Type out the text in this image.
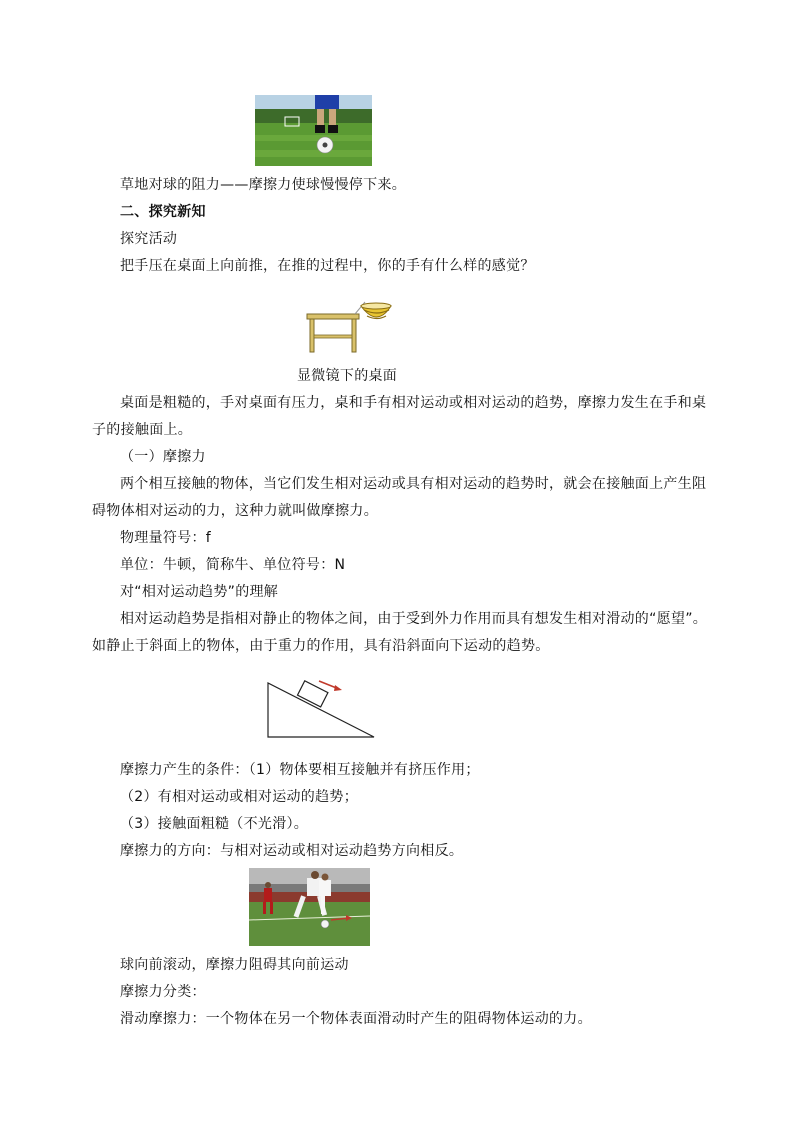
草地对球的阻力——摩擦力使球慢慢停下来。
二、探究新知
探究活动
把手压在桌面上向前推，在推的过程中，你的手有什么样的感觉？
显微镜下的桌面
桌面是粗糙的，手对桌面有压力，桌和手有相对运动或相对运动的趋势，摩擦力发生在手和桌
子的接触面上。
（一）摩擦力
两个相互接触的物体，当它们发生相对运动或具有相对运动的趋势时，就会在接触面上产生阻
碍物体相对运动的力，这种力就叫做摩擦力。
物理量符号：f
单位：牛顿，简称牛、单位符号：N
对“相对运动趋势”的理解
相对运动趋势是指相对静止的物体之间，由于受到外力作用而具有想发生相对滑动的“愿望”。
如静止于斜面上的物体，由于重力的作用，具有沿斜面向下运动的趋势。
摩擦力产生的条件：（1）物体要相互接触并有挤压作用；
（2）有相对运动或相对运动的趋势；
（3）接触面粗糙（不光滑）。
摩擦力的方向：与相对运动或相对运动趋势方向相反。
球向前滚动，摩擦力阻碍其向前运动
摩擦力分类：
滑动摩擦力：一个物体在另一个物体表面滑动时产生的阻碍物体运动的力。
